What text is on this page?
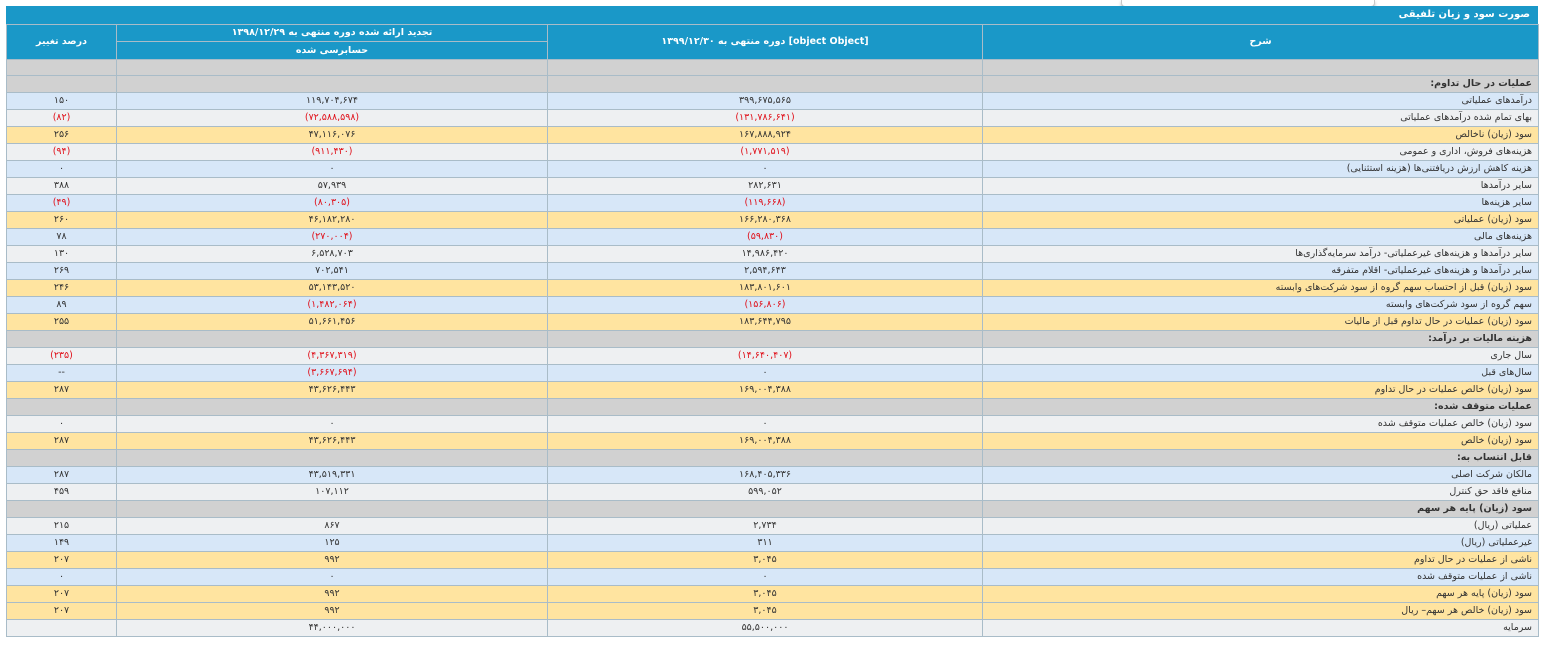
صورت سود و زیان تلفیقی
درصد تغییر	تجدید ارائه شده دوره منتهی به ۱۳۹۸/۱۲/۲۹	دوره منتهی به ۱۳۹۹/۱۲/۳۰ [object Object]	شرح
	حسابرسی شده		

			عملیات در حال تداوم:
۱۵۰	۱۱۹,۷۰۴,۶۷۴	۳۹۹,۶۷۵,۵۶۵	درآمدهای عملیاتی
(۸۲)	(۷۲,۵۸۸,۵۹۸)	(۱۳۱,۷۸۶,۶۴۱)	بهای تمام شده درآمدهای عملیاتی
۲۵۶	۴۷,۱۱۶,۰۷۶	۱۶۷,۸۸۸,۹۲۴	سود (زیان) ناخالص
(۹۴)	(۹۱۱,۴۳۰)	(۱,۷۷۱,۵۱۹)	هزینه‌های فروش، اداری و عمومی
۰	۰	۰	هزینه کاهش ارزش دریافتنی‌ها (هزینه استثنایی)
۳۸۸	۵۷,۹۳۹	۲۸۲,۶۳۱	سایر درآمدها
(۴۹)	(۸۰,۳۰۵)	(۱۱۹,۶۶۸)	سایر هزینه‌ها
۲۶۰	۴۶,۱۸۲,۲۸۰	۱۶۶,۲۸۰,۳۶۸	سود (زیان) عملیاتی
۷۸	(۲۷۰,۰۰۴)	(۵۹,۸۳۰)	هزینه‌های مالی
۱۳۰	۶,۵۲۸,۷۰۳	۱۴,۹۸۶,۴۲۰	سایر درآمدها و هزینه‌های غیرعملیاتی- درآمد سرمایه‌گذاری‌ها
۲۶۹	۷۰۲,۵۴۱	۲,۵۹۴,۶۴۳	سایر درآمدها و هزینه‌های غیرعملیاتی- اقلام متفرقه
۲۴۶	۵۳,۱۴۳,۵۲۰	۱۸۳,۸۰۱,۶۰۱	سود (زیان) قبل از احتساب سهم گروه از سود شرکت‌های وابسته
۸۹	(۱,۴۸۲,۰۶۴)	(۱۵۶,۸۰۶)	سهم گروه از سود شرکت‌های وابسته
۲۵۵	۵۱,۶۶۱,۴۵۶	۱۸۳,۶۴۴,۷۹۵	سود (زیان) عملیات در حال تداوم قبل از مالیات
			هزینه مالیات بر درآمد:
(۲۳۵)	(۴,۳۶۷,۳۱۹)	(۱۴,۶۴۰,۴۰۷)	سال جاری
--	(۳,۶۶۷,۶۹۴)	۰	سال‌های قبل
۲۸۷	۴۳,۶۲۶,۴۴۳	۱۶۹,۰۰۴,۳۸۸	سود (زیان) خالص عملیات در حال تداوم
			عملیات متوقف شده:
۰	۰	۰	سود (زیان) خالص عملیات متوقف شده
۲۸۷	۴۳,۶۲۶,۴۴۳	۱۶۹,۰۰۴,۳۸۸	سود (زیان) خالص
			قابل انتساب به:
۲۸۷	۴۳,۵۱۹,۳۳۱	۱۶۸,۴۰۵,۳۳۶	مالکان شرکت اصلی
۴۵۹	۱۰۷,۱۱۲	۵۹۹,۰۵۲	منافع فاقد حق کنترل
			سود (زیان) پایه هر سهم
۲۱۵	۸۶۷	۲,۷۳۴	عملیاتی (ریال)
۱۴۹	۱۲۵	۳۱۱	غیرعملیاتی (ریال)
۲۰۷	۹۹۲	۳,۰۴۵	ناشی از عملیات در حال تداوم
۰	۰	۰	ناشی از عملیات متوقف شده
۲۰۷	۹۹۲	۳,۰۴۵	سود (زیان) پایه هر سهم
۲۰۷	۹۹۲	۳,۰۴۵	سود (زیان) خالص هر سهم– ریال
	۴۴,۰۰۰,۰۰۰	۵۵,۵۰۰,۰۰۰	سرمایه
